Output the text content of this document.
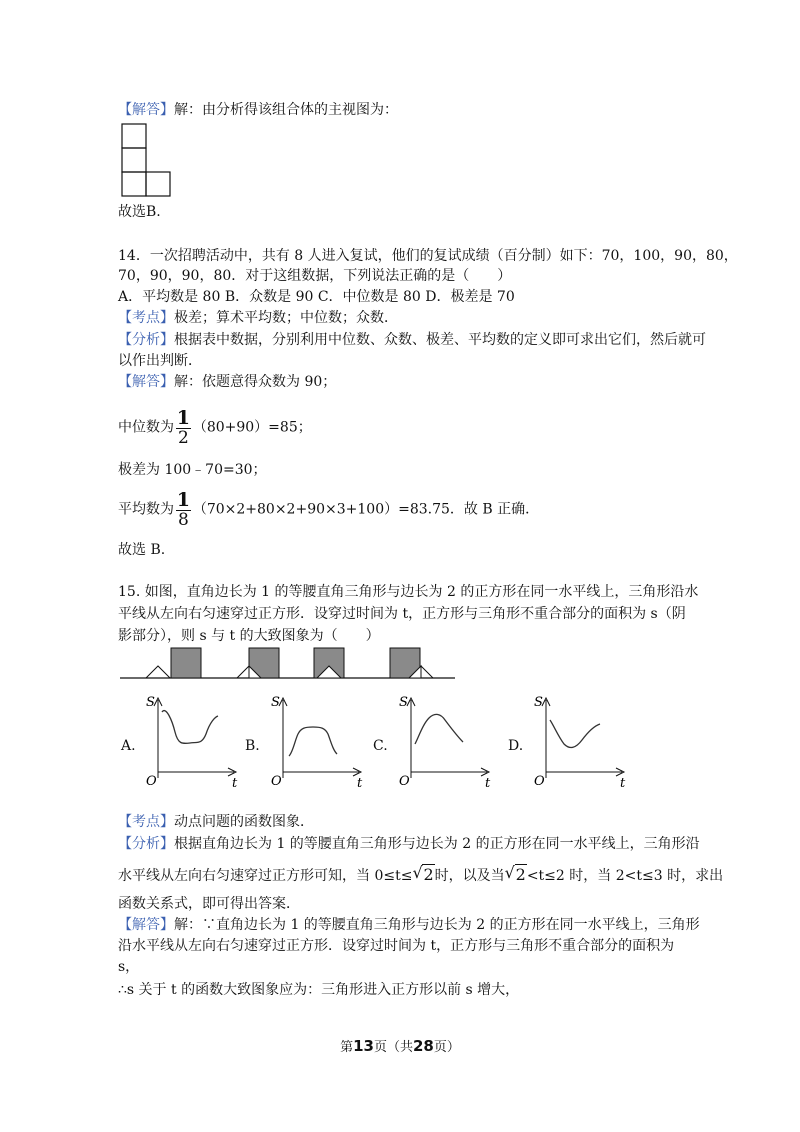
【解答】解：由分析得该组合体的主视图为：
故选B.
14．一次招聘活动中，共有 8 人进入复试，他们的复试成绩（百分制）如下：70，100，90，80，
70，90，90，80．对于这组数据，下列说法正确的是（　　）
A．平均数是 80 B．众数是 90 C．中位数是 80 D．极差是 70
【考点】极差；算术平均数；中位数；众数．
【分析】根据表中数据，分别利用中位数、众数、极差、平均数的定义即可求出它们，然后就可
以作出判断．
【解答】解：依题意得众数为 90；
中位数为 $\frac{1}{2} (80+90)=85$；
极差为 100﹣70=30；
平均数为 $\frac{1}{8} (70\times 2+80\times 2+90\times 3+100)=83.75$．故 B 正确．
故选 B.
15. 如图，直角边长为 1 的等腰直角三角形与边长为 2 的正方形在同一水平线上，三角形沿水
平线从左向右匀速穿过正方形．设穿过时间为 t，正方形与三角形不重合部分的面积为 s（阴
影部分），则 s 与 t 的大致图象为（　　）
A.
S
O	t
B.
S
O	t
C.
S
O	t
D.
S
O	t
【考点】动点问题的函数图象．
【分析】根据直角边长为 1 的等腰直角三角形与边长为 2 的正方形在同一水平线上，三角形沿
水平线从左向右匀速穿过正方形可知，当 0≤t≤ √ 2时，以及当 √ 2<t≤2 时，当 2<t≤3 时，求出
函数关系式，即可得出答案．
【解答】解：∵直角边长为 1 的等腰直角三角形与边长为 2 的正方形在同一水平线上，三角形
沿水平线从左向右匀速穿过正方形．设穿过时间为 t，正方形与三角形不重合部分的面积为
s，
∴s 关于 t 的函数大致图象应为：三角形进入正方形以前 s 增大，
第13页（共28页）
